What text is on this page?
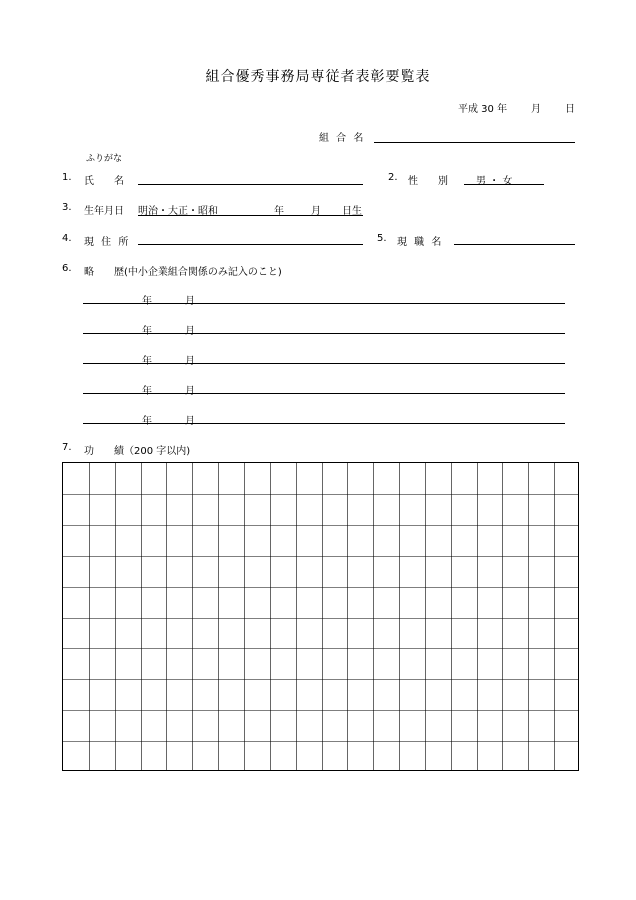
組合優秀事務局専従者表彰要覧表
平成 30 年 月 日
組 合 名
ふりがな
1. 氏　　名	2. 性　　別	男 ・ 女
3. 生年月日 明治・大正・昭和	年	月 日生
4. 現 住 所	5. 現 職 名
6. 略　　歴(中小企業組合関係のみ記入のこと)
年	月
年	月
年	月
年	月
年	月
7. 功　　績（200 字以内)
